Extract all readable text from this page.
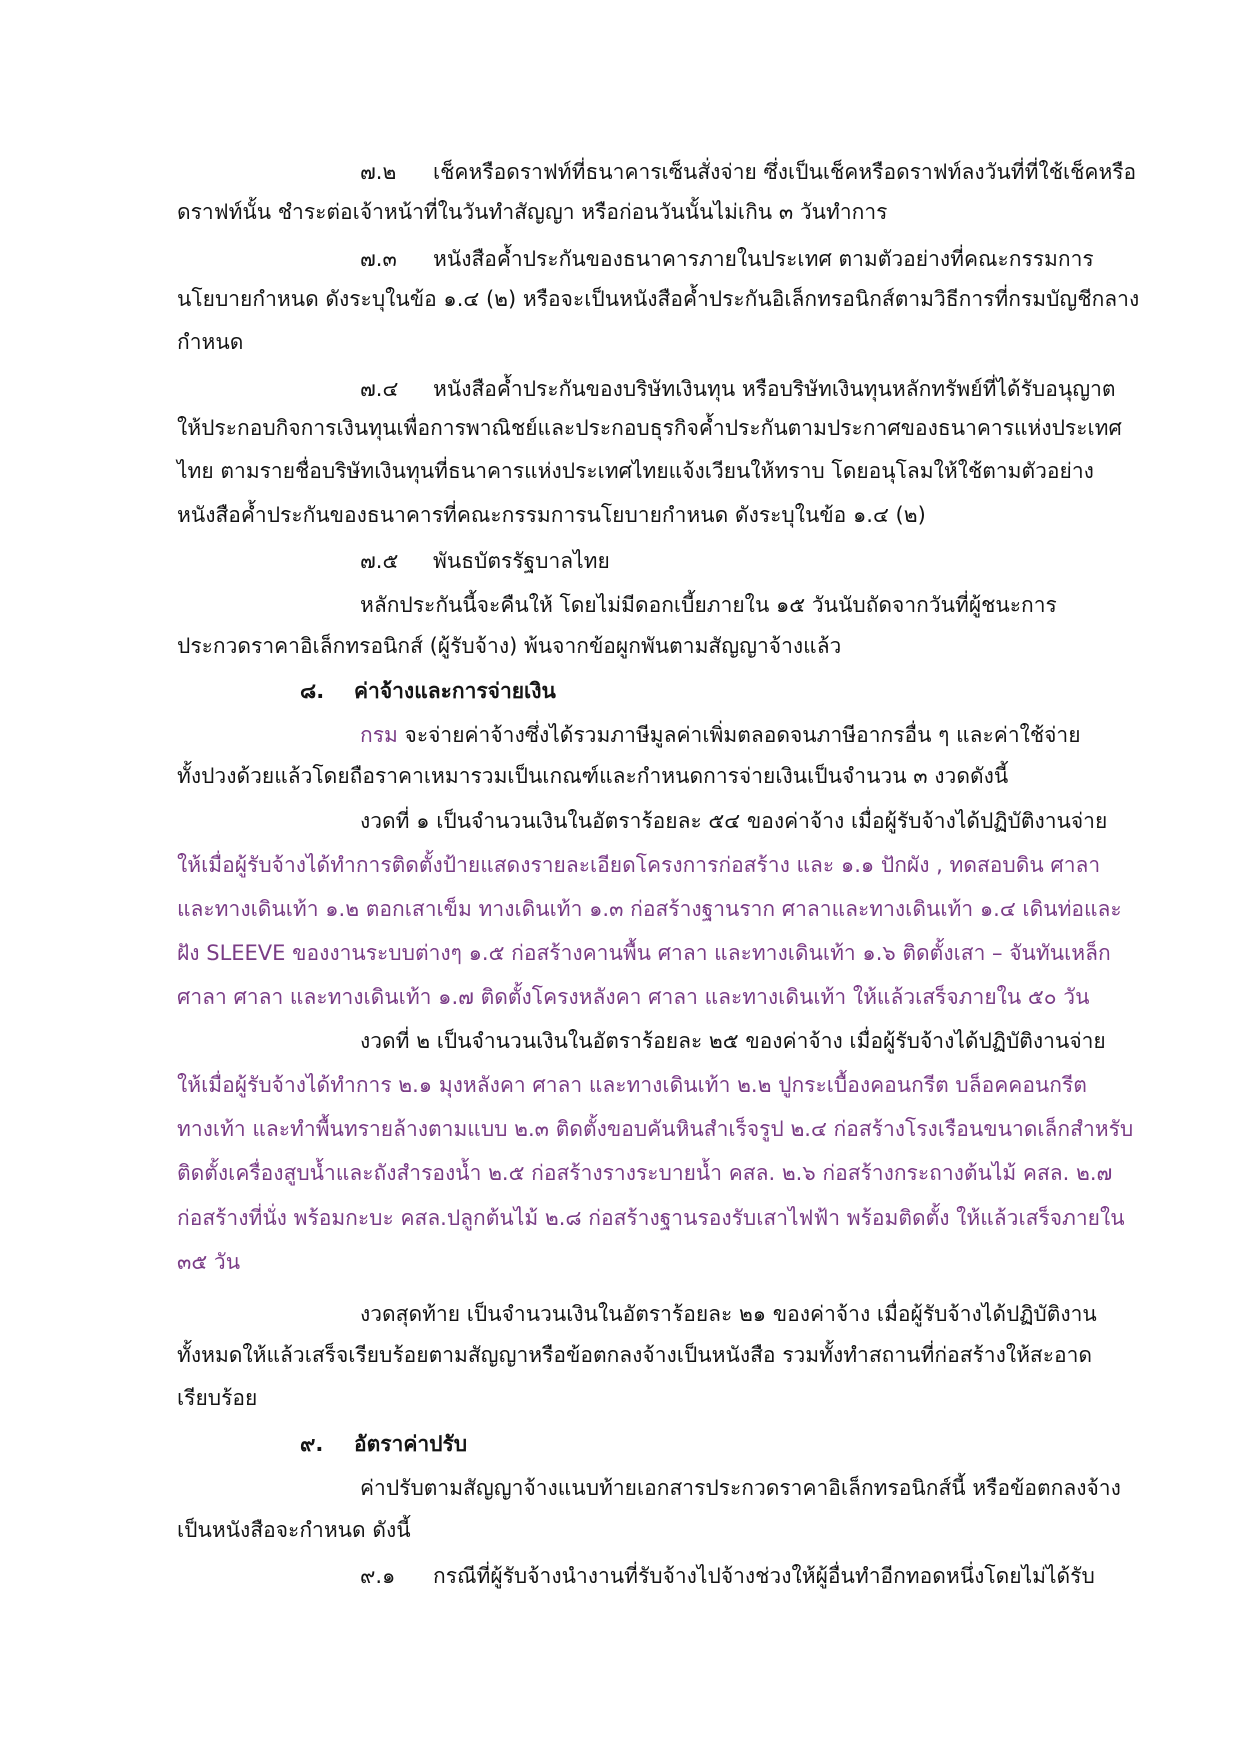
๗.๒ เช็คหรือดราฟท์ที่ธนาคารเซ็นสั่งจ่าย ซึ่งเป็นเช็คหรือดราฟท์ลงวันที่ที่ใช้เช็คหรือ
ดราฟท์นั้น ชำระต่อเจ้าหน้าที่ในวันทำสัญญา หรือก่อนวันนั้นไม่เกิน ๓ วันทำการ
๗.๓ หนังสือค้ำประกันของธนาคารภายในประเทศ ตามตัวอย่างที่คณะกรรมการ
นโยบายกำหนด ดังระบุในข้อ ๑.๔ (๒) หรือจะเป็นหนังสือค้ำประกันอิเล็กทรอนิกส์ตามวิธีการที่กรมบัญชีกลาง
กำหนด
๗.๔ หนังสือค้ำประกันของบริษัทเงินทุน หรือบริษัทเงินทุนหลักทรัพย์ที่ได้รับอนุญาต
ให้ประกอบกิจการเงินทุนเพื่อการพาณิชย์และประกอบธุรกิจค้ำประกันตามประกาศของธนาคารแห่งประเทศ
ไทย ตามรายชื่อบริษัทเงินทุนที่ธนาคารแห่งประเทศไทยแจ้งเวียนให้ทราบ โดยอนุโลมให้ใช้ตามตัวอย่าง
หนังสือค้ำประกันของธนาคารที่คณะกรรมการนโยบายกำหนด ดังระบุในข้อ ๑.๔ (๒)
๗.๕ พันธบัตรรัฐบาลไทย
หลักประกันนี้จะคืนให้ โดยไม่มีดอกเบี้ยภายใน ๑๕ วันนับถัดจากวันที่ผู้ชนะการ
ประกวดราคาอิเล็กทรอนิกส์ (ผู้รับจ้าง) พ้นจากข้อผูกพันตามสัญญาจ้างแล้ว
๘. ค่าจ้างและการจ่ายเงิน
กรม จะจ่ายค่าจ้างซึ่งได้รวมภาษีมูลค่าเพิ่มตลอดจนภาษีอากรอื่น ๆ และค่าใช้จ่าย
ทั้งปวงด้วยแล้วโดยถือราคาเหมารวมเป็นเกณฑ์และกำหนดการจ่ายเงินเป็นจำนวน ๓ งวดดังนี้
งวดที่ ๑ เป็นจำนวนเงินในอัตราร้อยละ ๕๔ ของค่าจ้าง เมื่อผู้รับจ้างได้ปฏิบัติงานจ่าย
ให้เมื่อผู้รับจ้างได้ทำการติดตั้งป้ายแสดงรายละเอียดโครงการก่อสร้าง และ ๑.๑ ปักผัง , ทดสอบดิน ศาลา
และทางเดินเท้า ๑.๒ ตอกเสาเข็ม ทางเดินเท้า ๑.๓ ก่อสร้างฐานราก ศาลาและทางเดินเท้า ๑.๔ เดินท่อและ
ฝัง SLEEVE ของงานระบบต่างๆ ๑.๕ ก่อสร้างคานพื้น ศาลา และทางเดินเท้า ๑.๖ ติดตั้งเสา – จันทันเหล็ก
ศาลา ศาลา และทางเดินเท้า ๑.๗ ติดตั้งโครงหลังคา ศาลา และทางเดินเท้า ให้แล้วเสร็จภายใน ๕๐ วัน
งวดที่ ๒ เป็นจำนวนเงินในอัตราร้อยละ ๒๕ ของค่าจ้าง เมื่อผู้รับจ้างได้ปฏิบัติงานจ่าย
ให้เมื่อผู้รับจ้างได้ทำการ ๒.๑ มุงหลังคา ศาลา และทางเดินเท้า ๒.๒ ปูกระเบื้องคอนกรีต บล็อคคอนกรีต
ทางเท้า และทำพื้นทรายล้างตามแบบ ๒.๓ ติดตั้งขอบคันหินสำเร็จรูป ๒.๔ ก่อสร้างโรงเรือนขนาดเล็กสำหรับ
ติดตั้งเครื่องสูบน้ำและถังสำรองน้ำ ๒.๕ ก่อสร้างรางระบายน้ำ คสล. ๒.๖ ก่อสร้างกระถางต้นไม้ คสล. ๒.๗
ก่อสร้างที่นั่ง พร้อมกะบะ คสล.ปลูกต้นไม้ ๒.๘ ก่อสร้างฐานรองรับเสาไฟฟ้า พร้อมติดตั้ง ให้แล้วเสร็จภายใน
๓๕ วัน
งวดสุดท้าย เป็นจำนวนเงินในอัตราร้อยละ ๒๑ ของค่าจ้าง เมื่อผู้รับจ้างได้ปฏิบัติงาน
ทั้งหมดให้แล้วเสร็จเรียบร้อยตามสัญญาหรือข้อตกลงจ้างเป็นหนังสือ รวมทั้งทำสถานที่ก่อสร้างให้สะอาด
เรียบร้อย
๙. อัตราค่าปรับ
ค่าปรับตามสัญญาจ้างแนบท้ายเอกสารประกวดราคาอิเล็กทรอนิกส์นี้ หรือข้อตกลงจ้าง
เป็นหนังสือจะกำหนด ดังนี้
๙.๑ กรณีที่ผู้รับจ้างนำงานที่รับจ้างไปจ้างช่วงให้ผู้อื่นทำอีกทอดหนึ่งโดยไม่ได้รับ
